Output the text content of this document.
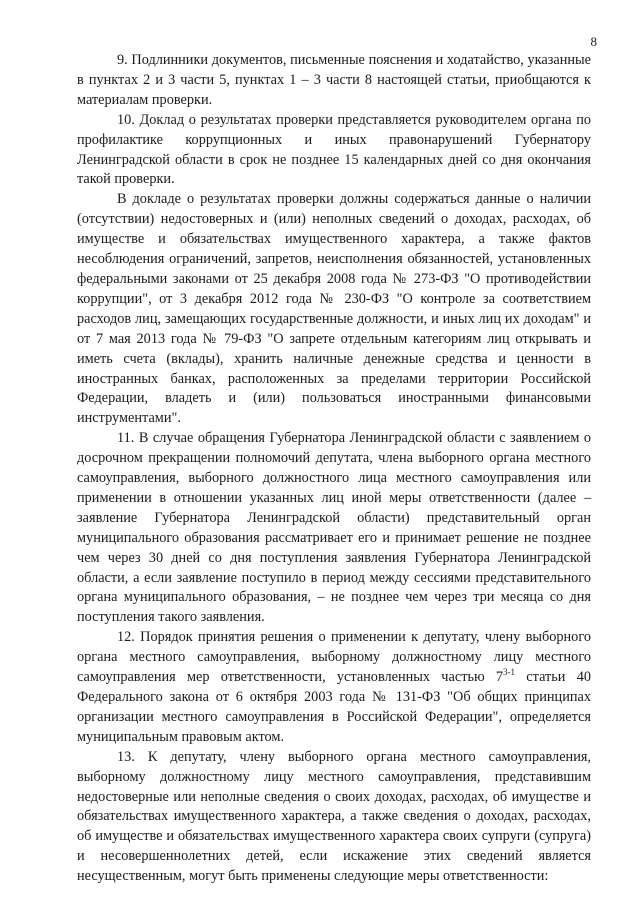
8

9. Подлинники документов, письменные пояснения и ходатайство, указанные в пунктах 2 и 3 части 5, пунктах 1 – 3 части 8 настоящей статьи, приобщаются к материалам проверки.

10. Доклад о результатах проверки представляется руководителем органа по профилактике коррупционных и иных правонарушений Губернатору Ленинградской области в срок не позднее 15 календарных дней со дня окончания такой проверки.

В докладе о результатах проверки должны содержаться данные о наличии (отсутствии) недостоверных и (или) неполных сведений о доходах, расходах, об имуществе и обязательствах имущественного характера, а также фактов несоблюдения ограничений, запретов, неисполнения обязанностей, установленных федеральными законами от 25 декабря 2008 года № 273-ФЗ "О противодействии коррупции", от 3 декабря 2012 года № 230-ФЗ "О контроле за соответствием расходов лиц, замещающих государственные должности, и иных лиц их доходам" и от 7 мая 2013 года № 79-ФЗ "О запрете отдельным категориям лиц открывать и иметь счета (вклады), хранить наличные денежные средства и ценности в иностранных банках, расположенных за пределами территории Российской Федерации, владеть и (или) пользоваться иностранными финансовыми инструментами".

11. В случае обращения Губернатора Ленинградской области с заявлением о досрочном прекращении полномочий депутата, члена выборного органа местного самоуправления, выборного должностного лица местного самоуправления или применении в отношении указанных лиц иной меры ответственности (далее – заявление Губернатора Ленинградской области) представительный орган муниципального образования рассматривает его и принимает решение не позднее чем через 30 дней со дня поступления заявления Губернатора Ленинградской области, а если заявление поступило в период между сессиями представительного органа муниципального образования, – не позднее чем через три месяца со дня поступления такого заявления.

12. Порядок принятия решения о применении к депутату, члену выборного органа местного самоуправления, выборному должностному лицу местного самоуправления мер ответственности, установленных частью 7$^{3-1}$ статьи 40 Федерального закона от 6 октября 2003 года № 131-ФЗ "Об общих принципах организации местного самоуправления в Российской Федерации", определяется муниципальным правовым актом.

13. К депутату, члену выборного органа местного самоуправления, выборному должностному лицу местного самоуправления, представившим недостоверные или неполные сведения о своих доходах, расходах, об имуществе и обязательствах имущественного характера, а также сведения о доходах, расходах, об имуществе и обязательствах имущественного характера своих супруги (супруга) и несовершеннолетних детей, если искажение этих сведений является несущественным, могут быть применены следующие меры ответственности:
